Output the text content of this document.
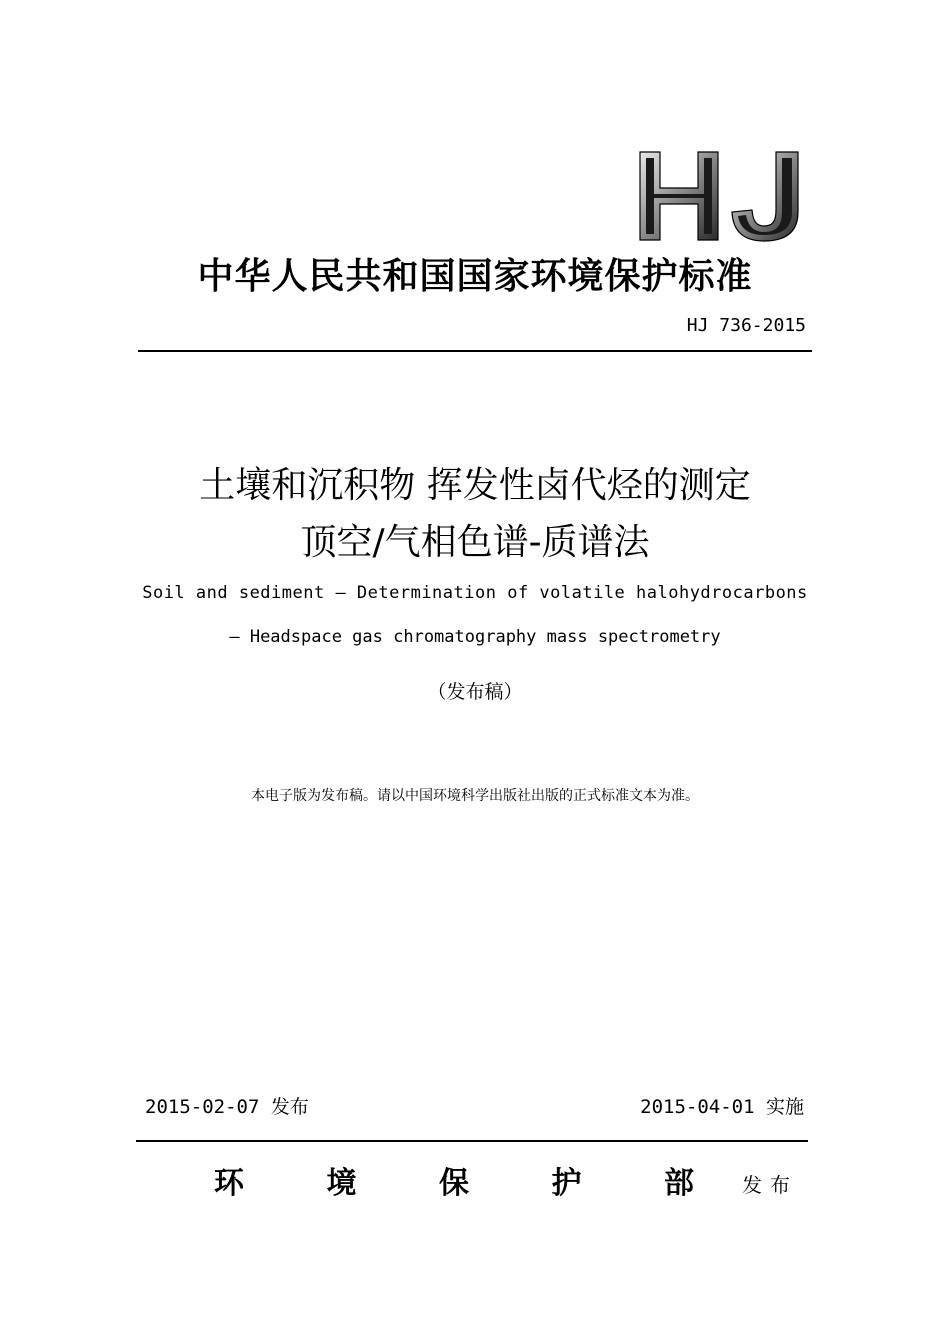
中华人民共和国国家环境保护标准
HJ 736-2015
土壤和沉积物 挥发性卤代烃的测定
顶空/气相色谱-质谱法
Soil and sediment — Determination of volatile halohydrocarbons
— Headspace gas chromatography mass spectrometry
（发布稿）
本电子版为发布稿。请以中国环境科学出版社出版的正式标准文本为准。
2015-02-07 发布	2015-04-01 实施
环	境	保	护	部 发布
